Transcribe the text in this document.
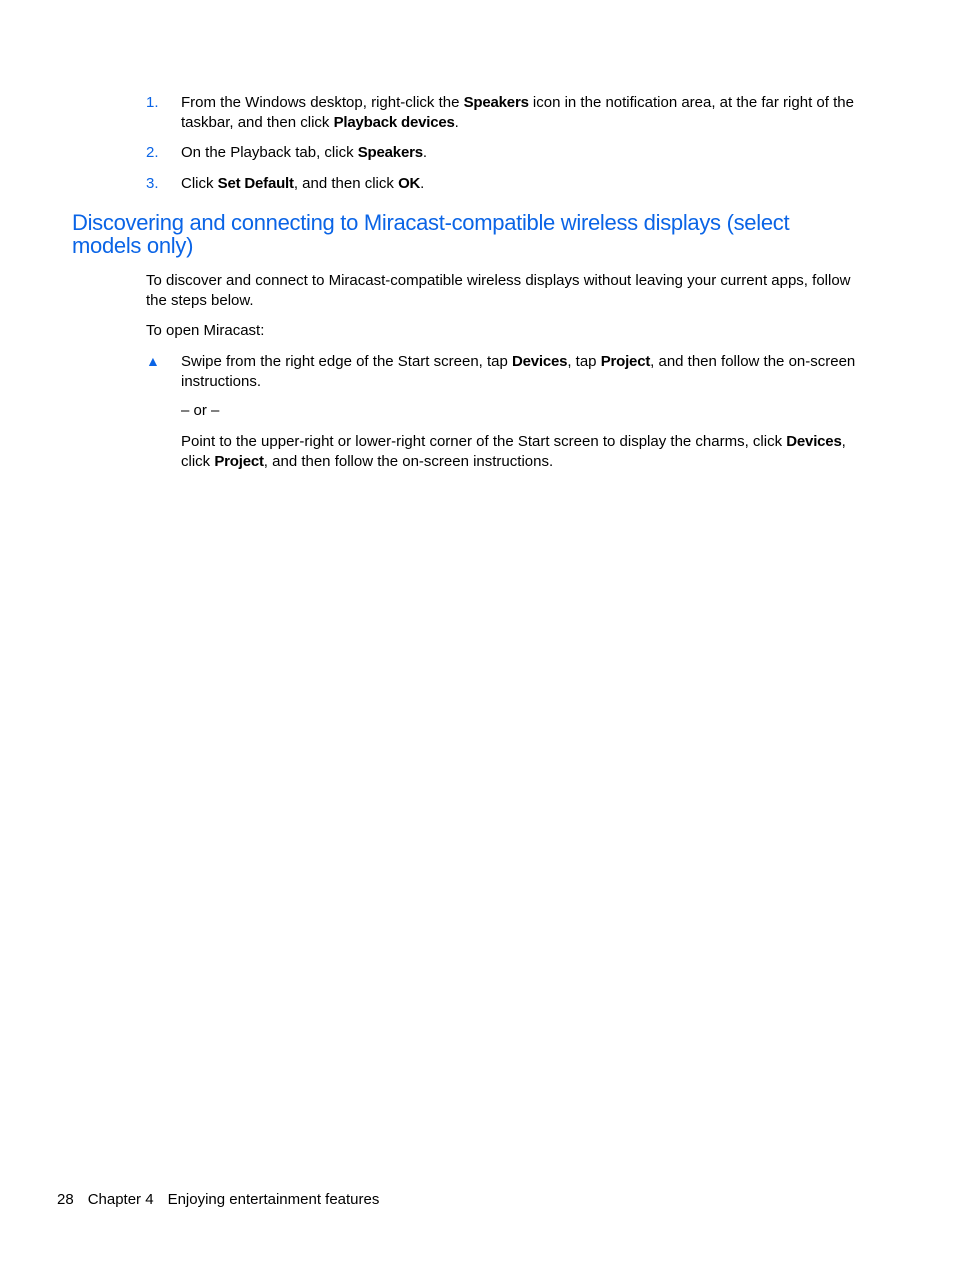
1. From the Windows desktop, right-click the Speakers icon in the notification area, at the far right of the taskbar, and then click Playback devices.
2. On the Playback tab, click Speakers.
3. Click Set Default, and then click OK.
Discovering and connecting to Miracast-compatible wireless displays (select models only)

To discover and connect to Miracast-compatible wireless displays without leaving your current apps, follow the steps below.

To open Miracast:

▲ Swipe from the right edge of the Start screen, tap Devices, tap Project, and then follow the on-screen instructions.

– or –

Point to the upper-right or lower-right corner of the Start screen to display the charms, click Devices, click Project, and then follow the on-screen instructions.

28 Chapter 4 Enjoying entertainment features
